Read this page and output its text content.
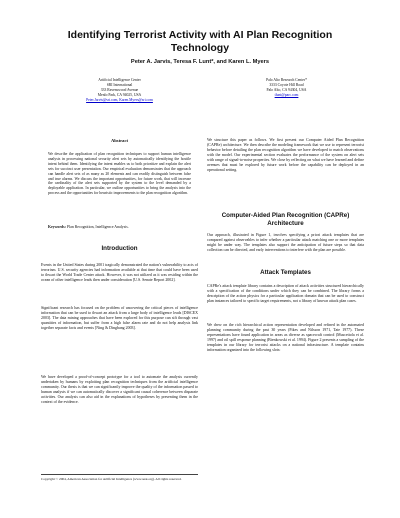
Identifying Terrorist Activity with AI Plan Recognition Technology
Peter A. Jarvis, Teresa F. Lunt*, and Karen L. Myers
Artificial Intelligence Center
SRI International
333 Ravenswood Avenue
Menlo Park, CA 94025, USA
Peter.Jarvis@sri.com, Karen.Myers@sri.com
Palo Alto Research Center*
3333 Coyote Hill Road
Palo Alto, CA 94304, USA
tlunt@parc.com
Abstract
We describe the application of plan recognition techniques to support human intelligence analysts in processing national security alert sets by automatically identifying the hostile intent behind them. Identifying the intent enables us to both prioritize and explain the alert sets for succinct user presentation. Our empirical evaluation demonstrates that the approach can handle alert sets of as many as 20 elements and can readily distinguish between false and true alarms. We discuss the important opportunities, for future work, that will increase the cardinality of the alert sets supported by the system to the level demanded by a deployable application. In particular, we outline opportunities to bring the analysts into the process and the opportunities for heuristic improvements to the plan recognition algorithm.
Keywords: Plan Recognition, Intelligence Analysis.
Introduction
Events in the United States during 2001 tragically demonstrated the nation's vulnerability to acts of terrorism. U.S. security agencies had information available at that time that could have been used to thwart the World Trade Center attack. However, it was not utilized as it was residing within the ocean of other intelligence leads then under consideration [U.S. Senate Report 2002].
Significant research has focused on the problem of uncovering the critical pieces of intelligence information that can be used to thwart an attack from a large body of intelligence leads [DISCEX 2003]. The data mining approaches that have been explored for this purpose can sift through vast quantities of information, but suffer from a high false alarm rate and do not help analysts link together separate facts and events [Ning & Dingbang 2003].
We have developed a proof-of-concept prototype for a tool to automate the analysis currently undertaken by humans by exploiting plan recognition techniques from the artificial intelligence community. Our thesis is that we can significantly improve the quality of the information passed to human analysts if we can automatically discover a significant causal coherence between disparate activities. Our analysis can also aid in the explanations of hypotheses by presenting them in the context of the evidence.
We structure this paper as follows. We first present our Computer Aided Plan Recognition (CAPRe) architecture. We then describe the modeling framework that we use to represent terrorist behavior before detailing the plan recognition algorithm we have developed to match observations with the model. Our experimental section evaluates the performance of the system on alert sets with range of signal-to-noise properties. We close by reflecting on what we have learned and define avenues that must be explored by future work before the capability can be deployed in an operational setting.
Computer-Aided Plan Recognition (CAPRe) Architecture
Our approach, illustrated in Figure 1, involves specifying a priori attack templates that are compared against observables to infer whether a particular attack matching one or more templates might be under way. The templates also support the anticipation of future steps so that data collection can be directed, and early interventions to interfere with the plan are possible.
Attack Templates
CAPRe's attack template library contains a description of attack activities structured hierarchically with a specification of the conditions under which they can be combined. The library forms a description of the action physics for a particular application domain that can be used to construct plan instances tailored to specific target requirements, not a library of known attack plan cases.
We drew on the rich hierarchical action representation developed and refined in the automated planning community during the past 30 years (Fikes and Nilsson 1971, Tate 1977). These representations have found application in areas as diverse as spacecraft control (Muscettola et al. 1997) and oil spill response planning (Bienkowski et al. 1994). Figure 2 presents a sampling of the templates in our library for terrorist attacks on a national infrastructure. A template contains information organized into the following slots:
Copyright © 2004, American Association for Artificial Intelligence (www.aaai.org). All rights reserved.
